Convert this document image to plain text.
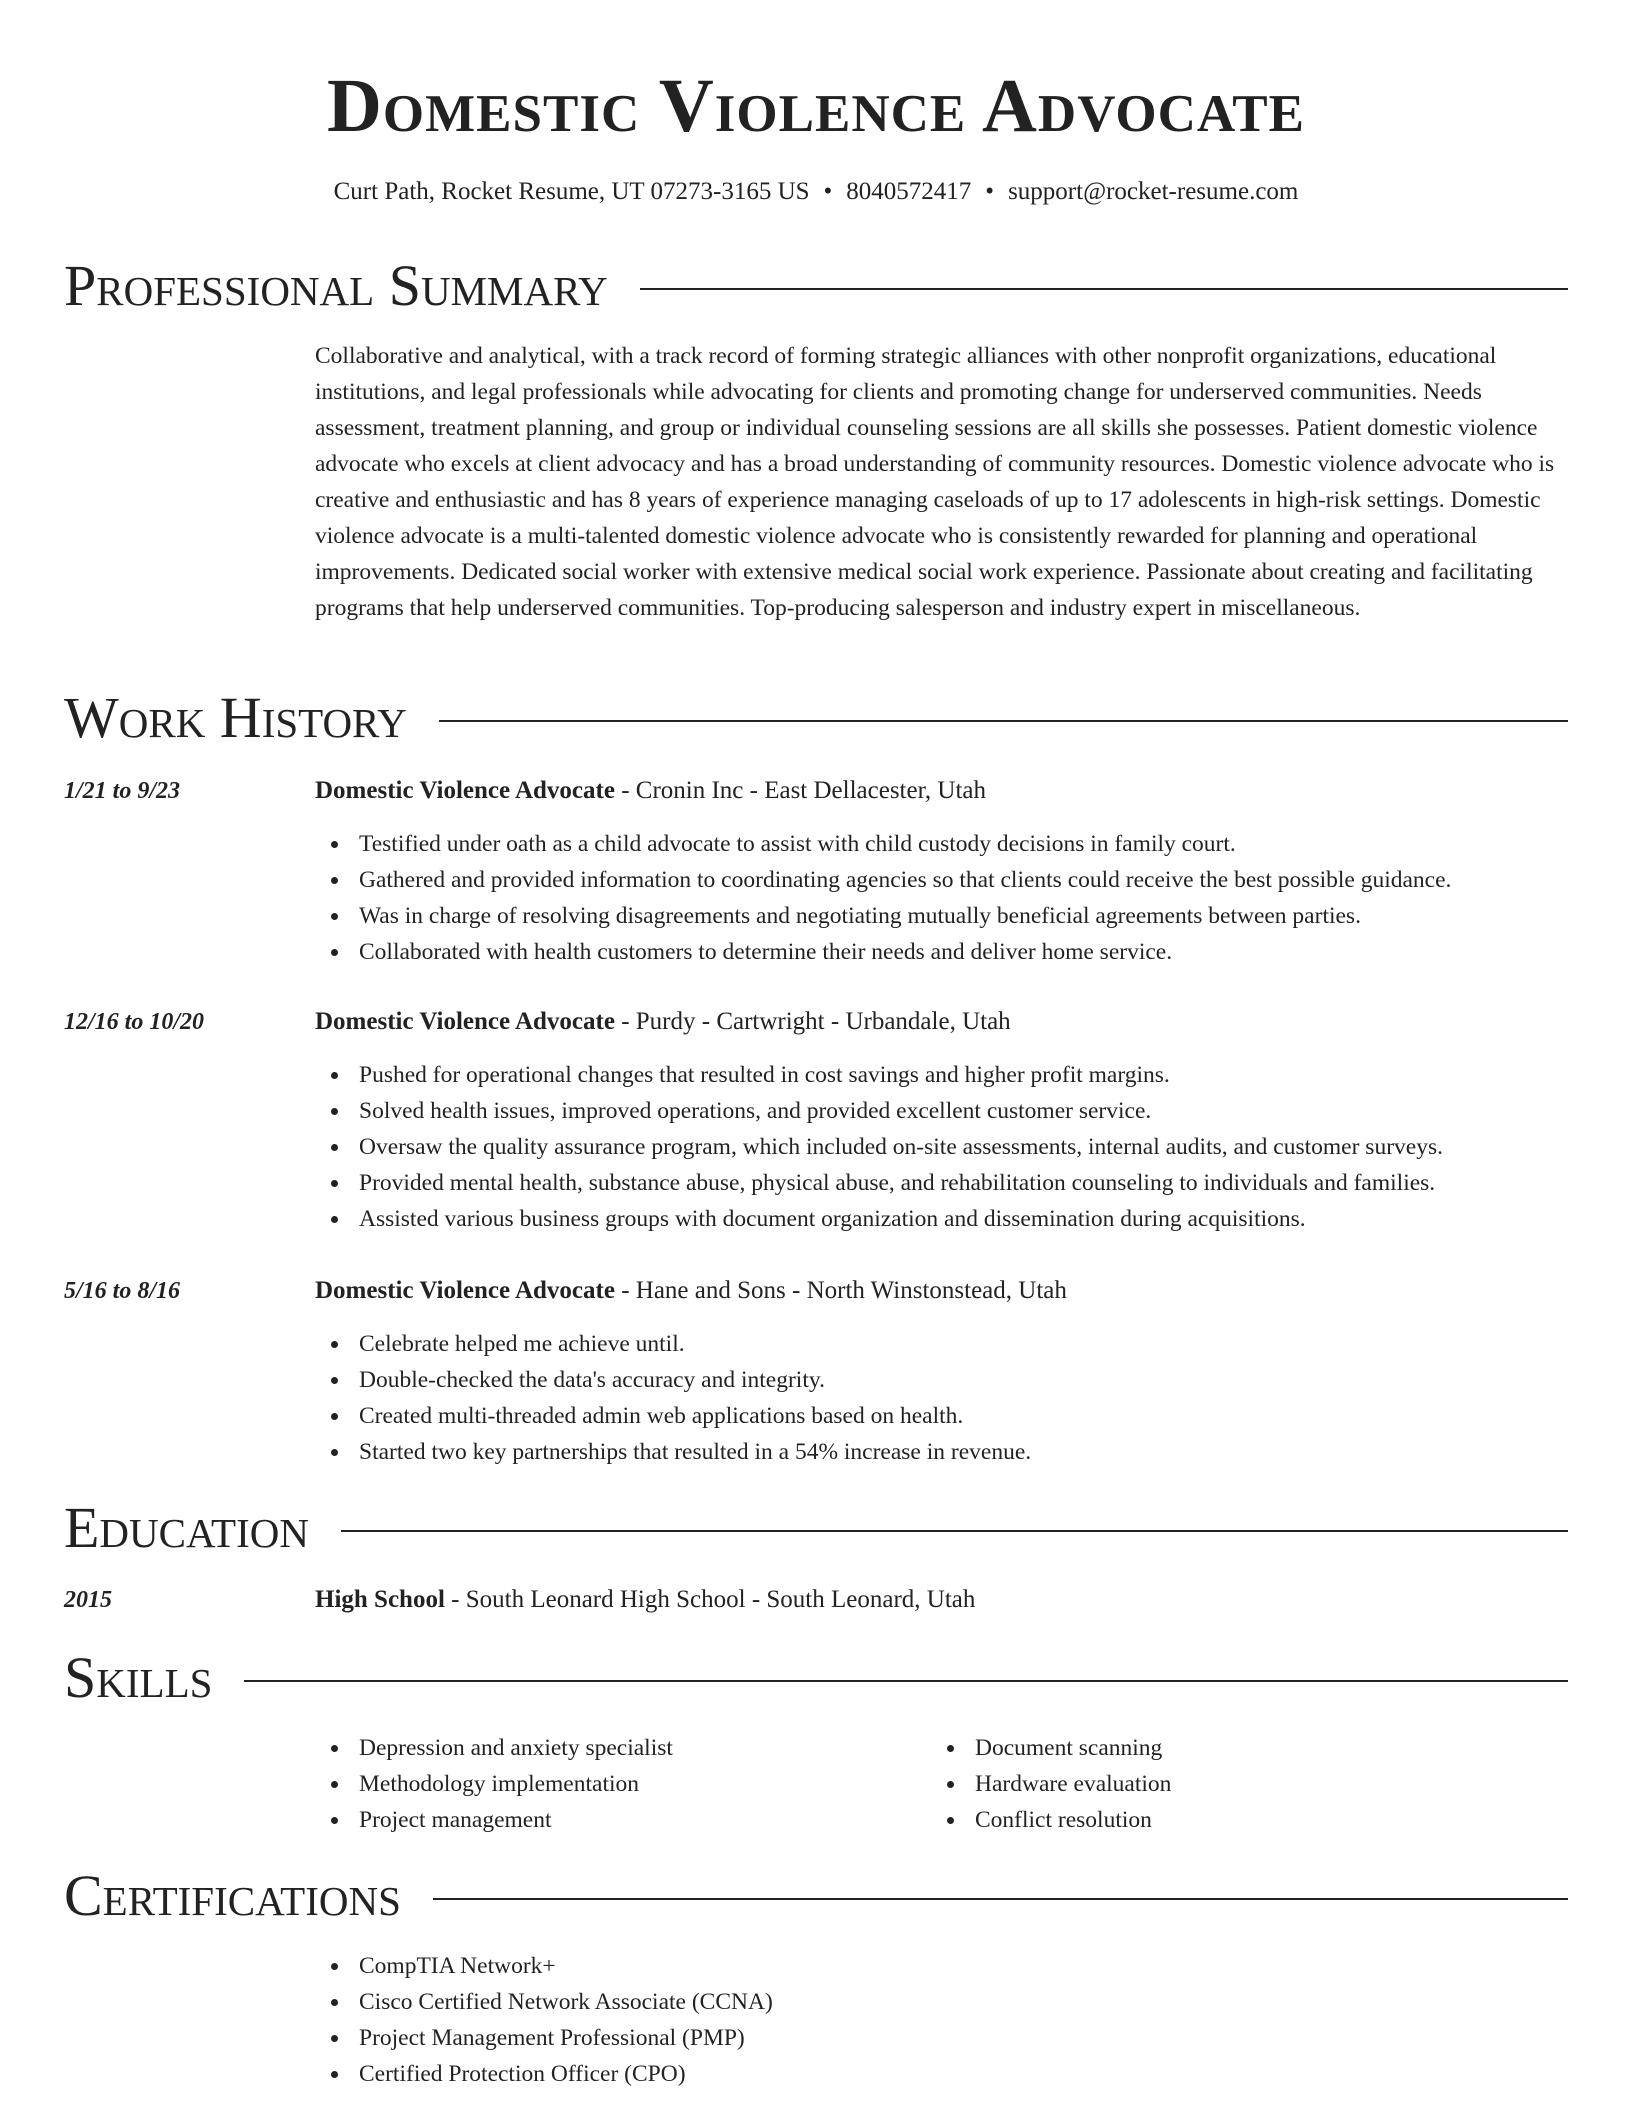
Domestic Violence Advocate
Curt Path, Rocket Resume, UT 07273-3165 US • 8040572417 • support@rocket-resume.com
Professional Summary

Collaborative and analytical, with a track record of forming strategic alliances with other nonprofit organizations, educational institutions, and legal professionals while advocating for clients and promoting change for underserved communities. Needs assessment, treatment planning, and group or individual counseling sessions are all skills she possesses. Patient domestic violence advocate who excels at client advocacy and has a broad understanding of community resources. Domestic violence advocate who is creative and enthusiastic and has 8 years of experience managing caseloads of up to 17 adolescents in high-risk settings. Domestic violence advocate is a multi-talented domestic violence advocate who is consistently rewarded for planning and operational improvements. Dedicated social worker with extensive medical social work experience. Passionate about creating and facilitating programs that help underserved communities. Top-producing salesperson and industry expert in miscellaneous.

Work History
1/21 to 9/23	Domestic Violence Advocate - Cronin Inc - East Dellacester, Utah
Testified under oath as a child advocate to assist with child custody decisions in family court.
Gathered and provided information to coordinating agencies so that clients could receive the best possible guidance.
Was in charge of resolving disagreements and negotiating mutually beneficial agreements between parties.
Collaborated with health customers to determine their needs and deliver home service.
12/16 to 10/20	Domestic Violence Advocate - Purdy - Cartwright - Urbandale, Utah
Pushed for operational changes that resulted in cost savings and higher profit margins.
Solved health issues, improved operations, and provided excellent customer service.
Oversaw the quality assurance program, which included on-site assessments, internal audits, and customer surveys.
Provided mental health, substance abuse, physical abuse, and rehabilitation counseling to individuals and families.
Assisted various business groups with document organization and dissemination during acquisitions.
5/16 to 8/16	Domestic Violence Advocate - Hane and Sons - North Winstonstead, Utah
Celebrate helped me achieve until.
Double-checked the data's accuracy and integrity.
Created multi-threaded admin web applications based on health.
Started two key partnerships that resulted in a 54% increase in revenue.
Education
2015	High School - South Leonard High School - South Leonard, Utah
Skills
Depression and anxiety specialist
Methodology implementation
Project management
Document scanning
Hardware evaluation
Conflict resolution
Certifications
CompTIA Network+
Cisco Certified Network Associate (CCNA)
Project Management Professional (PMP)
Certified Protection Officer (CPO)
